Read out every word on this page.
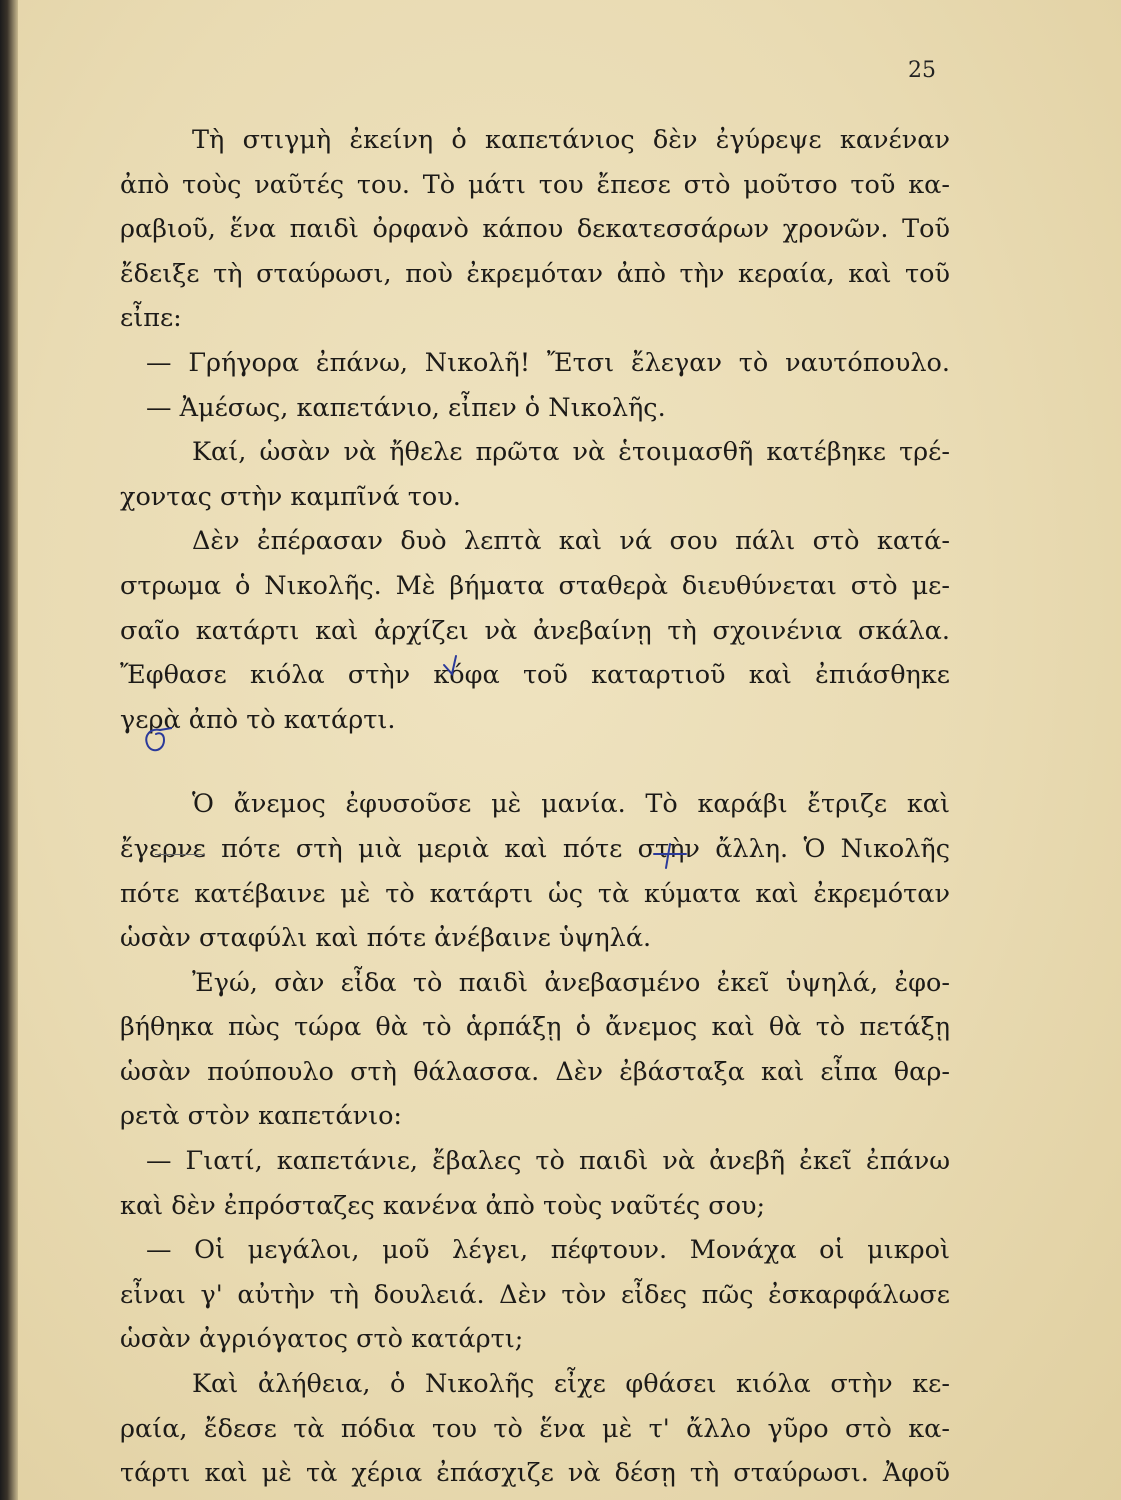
25
Τὴ στιγμὴ ἐκείνη ὁ καπετάνιος δὲν ἐγύρεψε κανέναν
ἀπὸ τοὺς ναῦτές του. Τὸ μάτι του ἔπεσε στὸ μοῦτσο τοῦ κα-
ραβιοῦ, ἕνα παιδὶ ὀρφανὸ κάπου δεκατεσσάρων χρονῶν. Τοῦ
ἔδειξε τὴ σταύρωσι, ποὺ ἐκρεμόταν ἀπὸ τὴν κεραία, καὶ τοῦ
εἶπε:
— Γρήγορα ἐπάνω, Νικολῆ! Ἔτσι ἔλεγαν τὸ ναυτόπουλο.
— Ἀμέσως, καπετάνιο, εἶπεν ὁ Νικολῆς.
Καί, ὡσὰν νὰ ἤθελε πρῶτα νὰ ἑτοιμασθῆ κατέβηκε τρέ-
χοντας στὴν καμπῖνά του.
Δὲν ἐπέρασαν δυὸ λεπτὰ καὶ νά σου πάλι στὸ κατά-
στρωμα ὁ Νικολῆς. Μὲ βήματα σταθερὰ διευθύνεται στὸ με-
σαῖο κατάρτι καὶ ἀρχίζει νὰ ἀνεβαίνῃ τὴ σχοινένια σκάλα.
Ἔφθασε κιόλα στὴν κόφα τοῦ καταρτιοῦ καὶ ἐπιάσθηκε
γερὰ ἀπὸ τὸ κατάρτι.
Ὁ ἄνεμος ἐφυσοῦσε μὲ μανία. Τὸ καράβι ἔτριζε καὶ
ἔγερνε πότε στὴ μιὰ μεριὰ καὶ πότε στὴν ἄλλη. Ὁ Νικολῆς
πότε κατέβαινε μὲ τὸ κατάρτι ὡς τὰ κύματα καὶ ἐκρεμόταν
ὡσὰν σταφύλι καὶ πότε ἀνέβαινε ὑψηλά.
Ἐγώ, σὰν εἶδα τὸ παιδὶ ἀνεβασμένο ἐκεῖ ὑψηλά, ἐφο-
βήθηκα πὼς τώρα θὰ τὸ ἁρπάξῃ ὁ ἄνεμος καὶ θὰ τὸ πετάξῃ
ὡσὰν πούπουλο στὴ θάλασσα. Δὲν ἐβάσταξα καὶ εἶπα θαρ-
ρετὰ στὸν καπετάνιο:
— Γιατί, καπετάνιε, ἔβαλες τὸ παιδὶ νὰ ἀνεβῆ ἐκεῖ ἐπάνω
καὶ δὲν ἐπρόσταζες κανένα ἀπὸ τοὺς ναῦτές σου;
— Οἱ μεγάλοι, μοῦ λέγει, πέφτουν. Μονάχα οἱ μικροὶ
εἶναι γ' αὐτὴν τὴ δουλειά. Δὲν τὸν εἶδες πῶς ἐσκαρφάλωσε
ὡσὰν ἀγριόγατος στὸ κατάρτι;
Καὶ ἀλήθεια, ὁ Νικολῆς εἶχε φθάσει κιόλα στὴν κε-
ραία, ἔδεσε τὰ πόδια του τὸ ἕνα μὲ τ' ἄλλο γῦρο στὸ κα-
τάρτι καὶ μὲ τὰ χέρια ἐπάσχιζε νὰ δέσῃ τὴ σταύρωσι. Ἀφοῦ
